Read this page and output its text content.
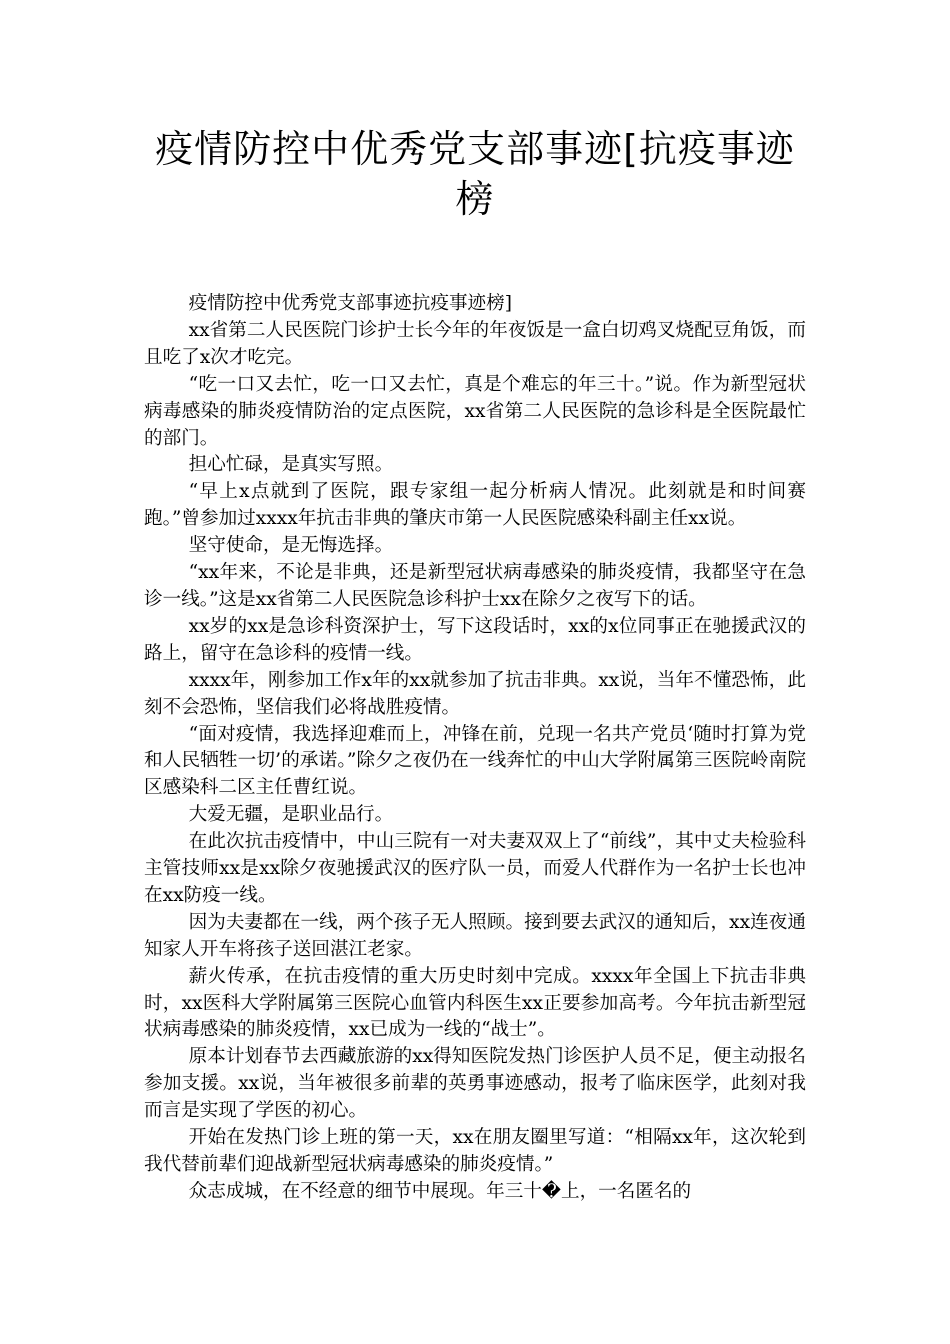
疫情防控中优秀党支部事迹[抗疫事迹榜

疫情防控中优秀党支部事迹抗疫事迹榜]

xx省第二人民医院门诊护士长今年的年夜饭是一盒白切鸡叉烧配豆角饭，而且吃了x次才吃完。

“吃一口又去忙，吃一口又去忙，真是个难忘的年三十。”说。作为新型冠状病毒感染的肺炎疫情防治的定点医院，xx省第二人民医院的急诊科是全医院最忙的部门。

担心忙碌，是真实写照。

“早上x点就到了医院，跟专家组一起分析病人情况。此刻就是和时间赛跑。”曾参加过xxxx年抗击非典的肇庆市第一人民医院感染科副主任xx说。

坚守使命，是无悔选择。

“xx年来，不论是非典，还是新型冠状病毒感染的肺炎疫情，我都坚守在急诊一线。”这是xx省第二人民医院急诊科护士xx在除夕之夜写下的话。

xx岁的xx是急诊科资深护士，写下这段话时，xx的x位同事正在驰援武汉的路上，留守在急诊科的疫情一线。

xxxx年，刚参加工作x年的xx就参加了抗击非典。xx说，当年不懂恐怖，此刻不会恐怖，坚信我们必将战胜疫情。

“面对疫情，我选择迎难而上，冲锋在前，兑现一名共产党员‘随时打算为党和人民牺牲一切’的承诺。”除夕之夜仍在一线奔忙的中山大学附属第三医院岭南院区感染科二区主任曹红说。

大爱无疆，是职业品行。

在此次抗击疫情中，中山三院有一对夫妻双双上了“前线”，其中丈夫检验科主管技师xx是xx除夕夜驰援武汉的医疗队一员，而爱人代群作为一名护士长也冲在xx防疫一线。

因为夫妻都在一线，两个孩子无人照顾。接到要去武汉的通知后，xx连夜通知家人开车将孩子送回湛江老家。

薪火传承，在抗击疫情的重大历史时刻中完成。xxxx年全国上下抗击非典时，xx医科大学附属第三医院心血管内科医生xx正要参加高考。今年抗击新型冠状病毒感染的肺炎疫情，xx已成为一线的“战士”。

原本计划春节去西藏旅游的xx得知医院发热门诊医护人员不足，便主动报名参加支援。xx说，当年被很多前辈的英勇事迹感动，报考了临床医学，此刻对我而言是实现了学医的初心。

开始在发热门诊上班的第一天，xx在朋友圈里写道：“相隔xx年，这次轮到我代替前辈们迎战新型冠状病毒感染的肺炎疫情。”

众志成城，在不经意的细节中展现。年三十�上，一名匿名的
